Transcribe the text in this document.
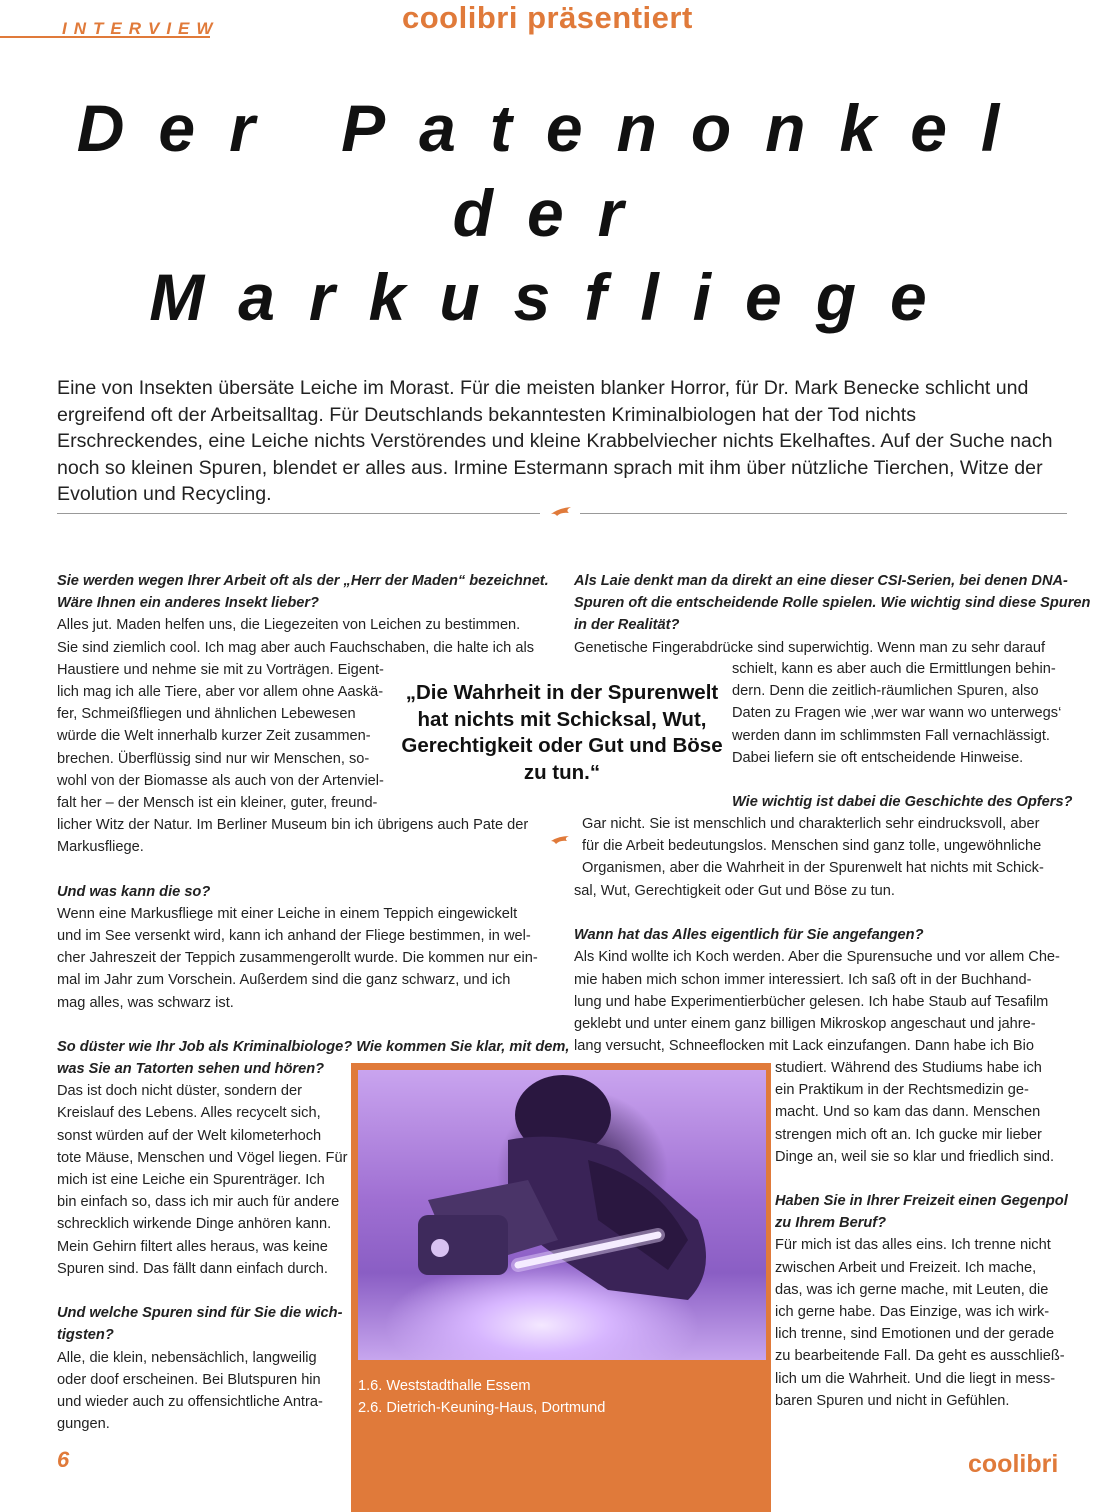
INTERVIEW	coolibri präsentiert
Der Patenonkel
der
Markusfliege
Eine von Insekten übersäte Leiche im Morast. Für die meisten blanker Horror, für Dr. Mark Benecke schlicht und ergreifend oft der Arbeitsalltag. Für Deutschlands bekanntesten Kriminalbiologen hat der Tod nichts Erschreckendes, eine Leiche nichts Verstörendes und kleine Krabbelviecher nichts Ekelhaftes. Auf der Suche nach noch so kleinen Spuren, blendet er alles aus. Irmine Estermann sprach mit ihm über nützliche Tierchen, Witze der Evolution und Recycling.
Sie werden wegen Ihrer Arbeit oft als der „Herr der Maden“ bezeichnet.
Wäre Ihnen ein anderes Insekt lieber?
Alles jut. Maden helfen uns, die Liegezeiten von Leichen zu bestimmen.
Sie sind ziemlich cool. Ich mag aber auch Fauchschaben, die halte ich als
Haustiere und nehme sie mit zu Vorträgen. Eigent-
lich mag ich alle Tiere, aber vor allem ohne Aaskä-
fer, Schmeißfliegen und ähnlichen Lebewesen
würde die Welt innerhalb kurzer Zeit zusammen-
brechen. Überflüssig sind nur wir Menschen, so-
wohl von der Biomasse als auch von der Artenviel-
falt her – der Mensch ist ein kleiner, guter, freund-
licher Witz der Natur. Im Berliner Museum bin ich übrigens auch Pate der
Markusfliege.
Und was kann die so?
Wenn eine Markusfliege mit einer Leiche in einem Teppich eingewickelt
und im See versenkt wird, kann ich anhand der Fliege bestimmen, in wel-
cher Jahreszeit der Teppich zusammengerollt wurde. Die kommen nur ein-
mal im Jahr zum Vorschein. Außerdem sind die ganz schwarz, und ich
mag alles, was schwarz ist.
So düster wie Ihr Job als Kriminalbiologe? Wie kommen Sie klar, mit dem,
was Sie an Tatorten sehen und hören?
Das ist doch nicht düster, sondern der
Kreislauf des Lebens. Alles recycelt sich,
sonst würden auf der Welt kilometerhoch
tote Mäuse, Menschen und Vögel liegen. Für
mich ist eine Leiche ein Spurenträger. Ich
bin einfach so, dass ich mir auch für andere
schrecklich wirkende Dinge anhören kann.
Mein Gehirn filtert alles heraus, was keine
Spuren sind. Das fällt dann einfach durch.
Und welche Spuren sind für Sie die wich-
tigsten?
Alle, die klein, nebensächlich, langweilig
oder doof erscheinen. Bei Blutspuren hin
und wieder auch zu offensichtliche Antra-
gungen.
„Die Wahrheit in der Spurenwelt hat nichts mit Schicksal, Wut, Gerechtigkeit oder Gut und Böse zu tun.“
Als Laie denkt man da direkt an eine dieser CSI-Serien, bei denen DNA-
Spuren oft die entscheidende Rolle spielen. Wie wichtig sind diese Spuren
in der Realität?
Genetische Fingerabdrücke sind superwichtig. Wenn man zu sehr darauf
schielt, kann es aber auch die Ermittlungen behin-
dern. Denn die zeitlich-räumlichen Spuren, also
Daten zu Fragen wie ‚wer war wann wo unterwegs‘
werden dann im schlimmsten Fall vernachlässigt.
Dabei liefern sie oft entscheidende Hinweise.
Wie wichtig ist dabei die Geschichte des Opfers?
Gar nicht. Sie ist menschlich und charakterlich sehr eindrucksvoll, aber
für die Arbeit bedeutungslos. Menschen sind ganz tolle, ungewöhnliche
Organismen, aber die Wahrheit in der Spurenwelt hat nichts mit Schick-
sal, Wut, Gerechtigkeit oder Gut und Böse zu tun.
Wann hat das Alles eigentlich für Sie angefangen?
Als Kind wollte ich Koch werden. Aber die Spurensuche und vor allem Che-
mie haben mich schon immer interessiert. Ich saß oft in der Buchhand-
lung und habe Experimentierbücher gelesen. Ich habe Staub auf Tesafilm
geklebt und unter einem ganz billigen Mikroskop angeschaut und jahre-
lang versucht, Schneeflocken mit Lack einzufangen. Dann habe ich Bio
studiert. Während des Studiums habe ich
ein Praktikum in der Rechtsmedizin ge-
macht. Und so kam das dann. Menschen
strengen mich oft an. Ich gucke mir lieber
Dinge an, weil sie so klar und friedlich sind.
Haben Sie in Ihrer Freizeit einen Gegenpol
zu Ihrem Beruf?
Für mich ist das alles eins. Ich trenne nicht
zwischen Arbeit und Freizeit. Ich mache,
das, was ich gerne mache, mit Leuten, die
ich gerne habe. Das Einzige, was ich wirk-
lich trenne, sind Emotionen und der gerade
zu bearbeitende Fall. Da geht es ausschließ-
lich um die Wahrheit. Und die liegt in mess-
baren Spuren und nicht in Gefühlen.
1.6. Weststadthalle Essem
2.6. Dietrich-Keuning-Haus, Dortmund
6	coolibri
